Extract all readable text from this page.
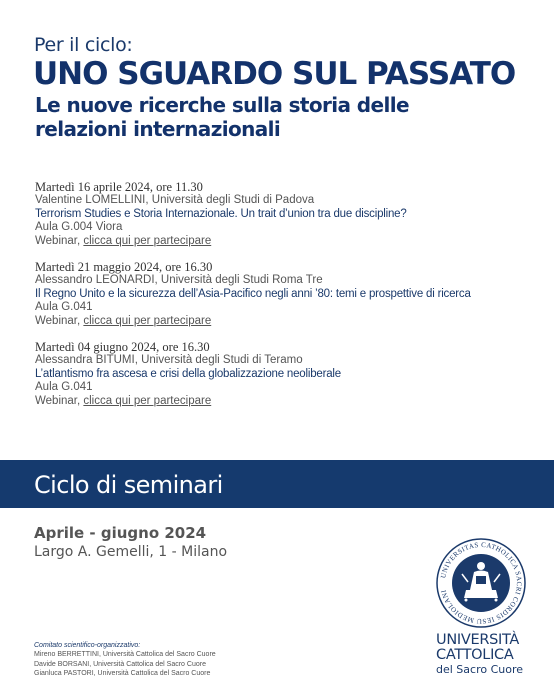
Per il ciclo:
UNO SGUARDO SUL PASSATO
Le nuove ricerche sulla storia delle relazioni internazionali
Martedì 16 aprile 2024, ore 11.30
Valentine LOMELLINI, Università degli Studi di Padova
Terrorism Studies e Storia Internazionale. Un trait d’union tra due discipline?
Aula G.004 Viora
Webinar, clicca qui per partecipare
Martedì 21 maggio 2024, ore 16.30
Alessandro LEONARDI, Università degli Studi Roma Tre
Il Regno Unito e la sicurezza dell’Asia-Pacifico negli anni ’80: temi e prospettive di ricerca
Aula G.041
Webinar, clicca qui per partecipare
Martedì 04 giugno 2024, ore 16.30
Alessandra BITUMI, Università degli Studi di Teramo
L’atlantismo fra ascesa e crisi della globalizzazione neoliberale
Aula G.041
Webinar, clicca qui per partecipare
Ciclo di seminari
Aprile - giugno 2024
Largo A. Gemelli, 1 - Milano
Comitato scientifico-organizzativo:
Mireno BERRETTINI, Università Cattolica del Sacro Cuore
Davide BORSANI, Università Cattolica del Sacro Cuore
Gianluca PASTORI, Università Cattolica del Sacro Cuore
UNIVERSITAS CATHOLICA SACRI CORDIS IESU MEDIOLANI
UNIVERSITÀ
CATTOLICA
del Sacro Cuore
